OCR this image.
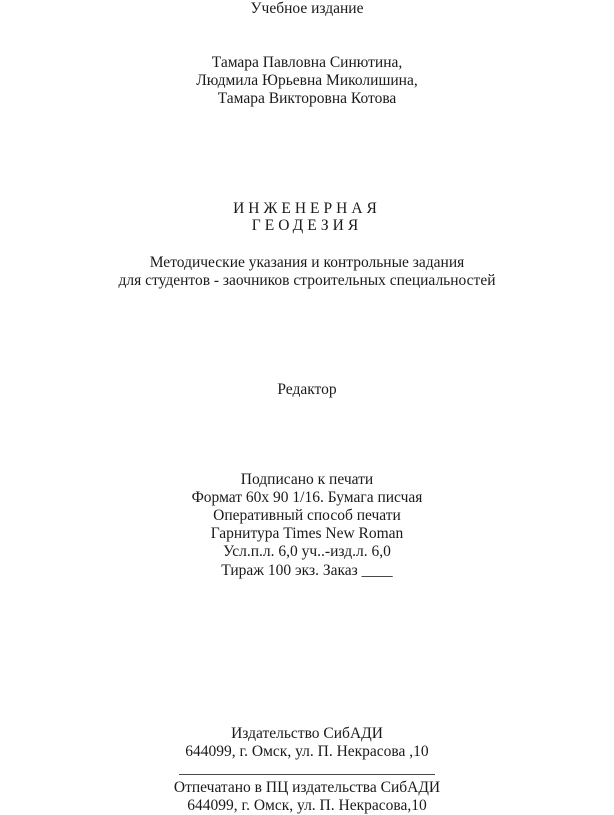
Учебное издание
Тамара Павловна Синютина,
Людмила Юрьевна Миколишина,
Тамара Викторовна Котова
ИНЖЕНЕРНАЯ
ГЕОДЕЗИЯ
Методические указания и контрольные задания
для студентов - заочников строительных специальностей
Редактор
Подписано к печати
Формат 60х 90 1/16. Бумага писчая
Оперативный способ печати
Гарнитура Times New Roman
Усл.п.л. 6,0 уч..-изд.л. 6,0
Тираж 100 экз. Заказ ____
Издательство СибАДИ
644099, г. Омск, ул. П. Некрасова ,10
_________________________________
Отпечатано в ПЦ издательства СибАДИ
644099, г. Омск, ул. П. Некрасова,10
